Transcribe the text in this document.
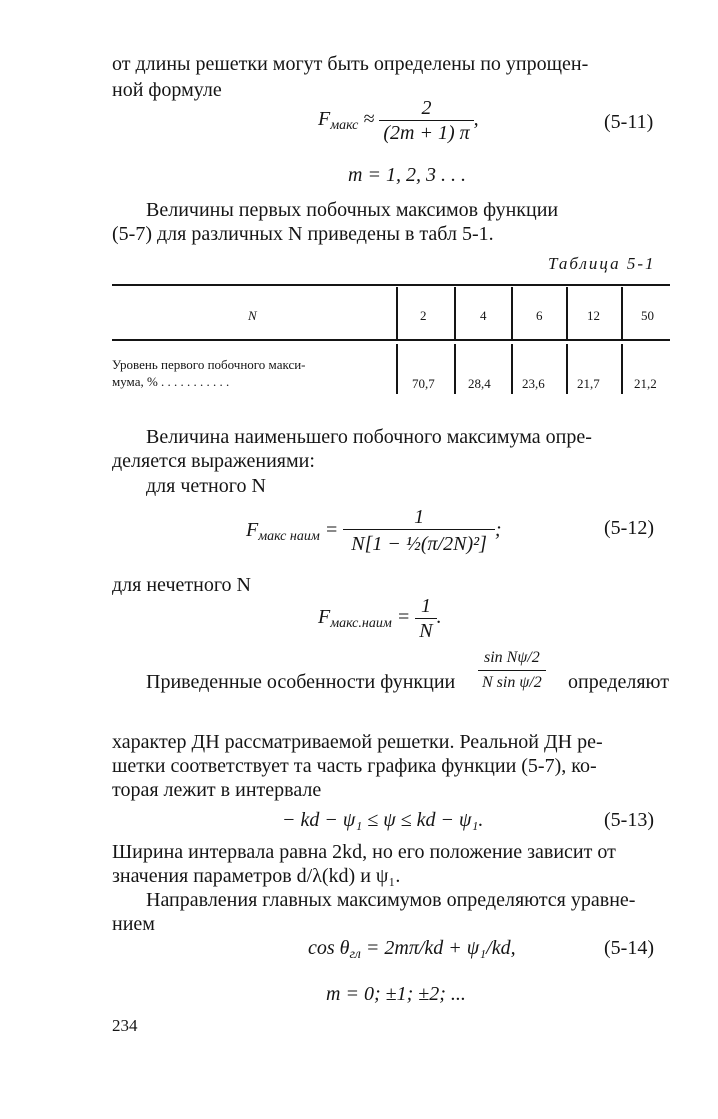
от длины решетки могут быть определены по упрощен-
ной формуле
$F_{макс} \approx \frac{2}{(2m + 1) \pi}$ ,	(5-11)
m = 1, 2, 3 . . .
Величины первых побочных максимов функции
(5-7) для различных N приведены в табл 5-1.
Таблица 5-1
N	2	4	6	12	50
Уровень первого побочного макси-
мума, % . . . . . . . . . . .	70,7	28,4 23,6 21,7	21,2
Величина наименьшего побочного максимума опре-
деляется выражениями:
для четного N
$F_{макс наим} = \frac{1}{\text{N[1 − ½(π/2N)²]}}$ ;	(5-12)
для нечетного N
$F_{макс.наим} = \frac{1}{N}$ .
Приведенные особенности функции $\frac{\text{sin Nψ/2}}{\text{N sin ψ/2}}$ определяют
характер ДН рассматриваемой решетки. Реальной ДН ре-
шетки соответствует та часть графика функции (5-7), ко-
торая лежит в интервале
− kd − ψ₁ ≤ ψ ≤ kd − ψ₁.	(5-13)
Ширина интервала равна 2kd, но его положение зависит от
значения параметров d/λ(kd) и ψ₁.
Направления главных максимумов определяются уравне-
нием
$\cos \theta_{гл} = 2m\pi/kd + \psi_1/kd$,	(5-14)
m = 0; ±1; ±2; ...
234
